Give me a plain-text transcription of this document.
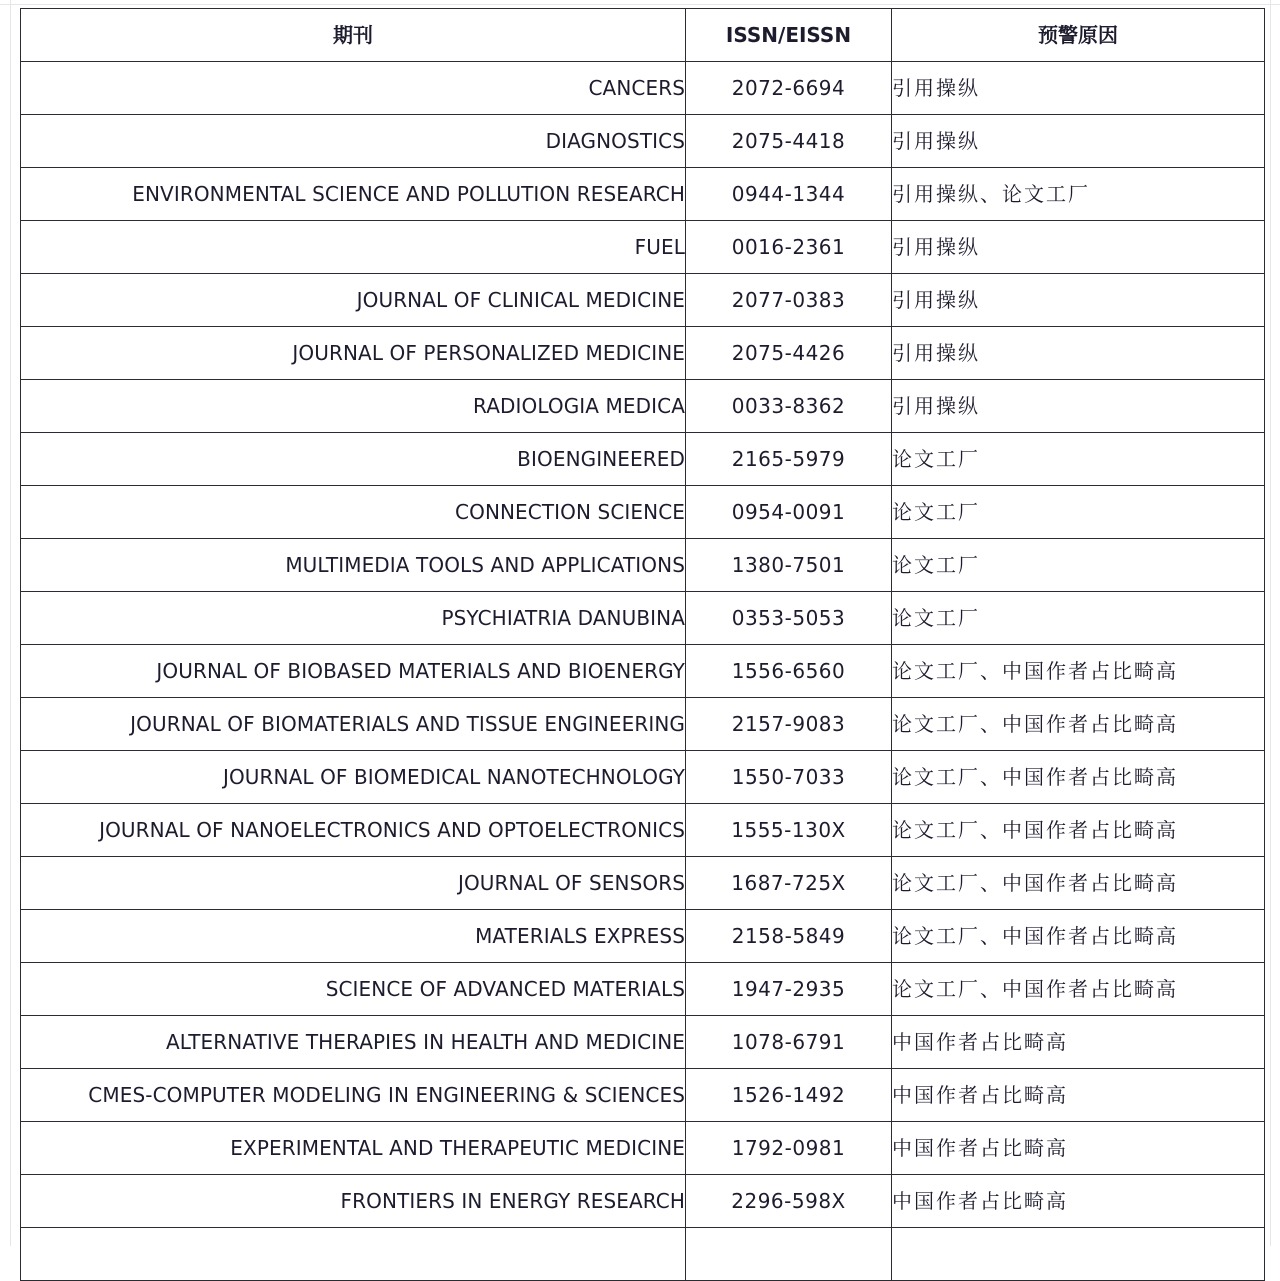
期刊	ISSN/EISSN	预警原因
CANCERS	2072-6694	引用操纵
DIAGNOSTICS	2075-4418	引用操纵
ENVIRONMENTAL SCIENCE AND POLLUTION RESEARCH	0944-1344	引用操纵、论文工厂
FUEL	0016-2361	引用操纵
JOURNAL OF CLINICAL MEDICINE	2077-0383	引用操纵
JOURNAL OF PERSONALIZED MEDICINE	2075-4426	引用操纵
RADIOLOGIA MEDICA	0033-8362	引用操纵
BIOENGINEERED	2165-5979	论文工厂
CONNECTION SCIENCE	0954-0091	论文工厂
MULTIMEDIA TOOLS AND APPLICATIONS	1380-7501	论文工厂
PSYCHIATRIA DANUBINA	0353-5053	论文工厂
JOURNAL OF BIOBASED MATERIALS AND BIOENERGY	1556-6560	论文工厂、中国作者占比畸高
JOURNAL OF BIOMATERIALS AND TISSUE ENGINEERING	2157-9083	论文工厂、中国作者占比畸高
JOURNAL OF BIOMEDICAL NANOTECHNOLOGY	1550-7033	论文工厂、中国作者占比畸高
JOURNAL OF NANOELECTRONICS AND OPTOELECTRONICS	1555-130X	论文工厂、中国作者占比畸高
JOURNAL OF SENSORS	1687-725X	论文工厂、中国作者占比畸高
MATERIALS EXPRESS	2158-5849	论文工厂、中国作者占比畸高
SCIENCE OF ADVANCED MATERIALS	1947-2935	论文工厂、中国作者占比畸高
ALTERNATIVE THERAPIES IN HEALTH AND MEDICINE	1078-6791	中国作者占比畸高
CMES-COMPUTER MODELING IN ENGINEERING & SCIENCES	1526-1492	中国作者占比畸高
EXPERIMENTAL AND THERAPEUTIC MEDICINE	1792-0981	中国作者占比畸高
FRONTIERS IN ENERGY RESEARCH	2296-598X	中国作者占比畸高
